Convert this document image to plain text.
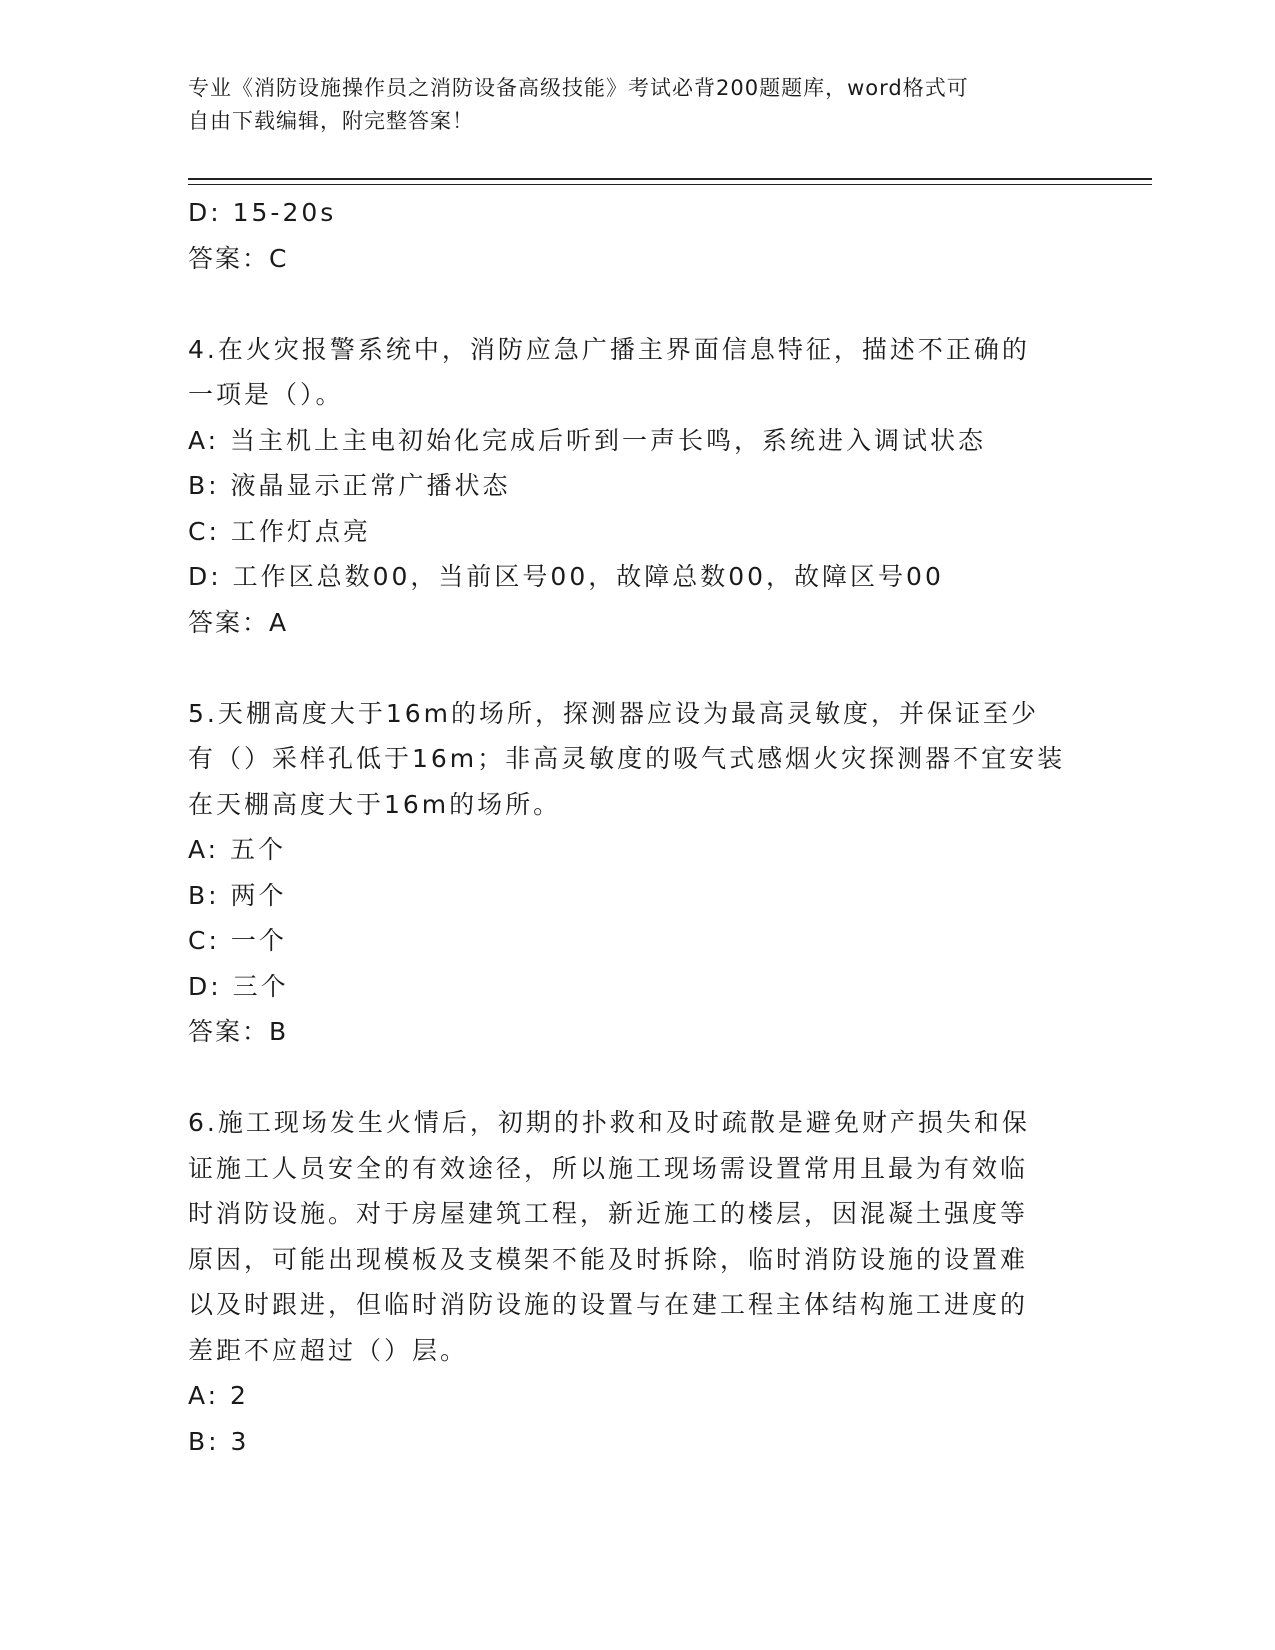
专业《消防设施操作员之消防设备高级技能》考试必背200题题库，word格式可
自由下载编辑，附完整答案！
D: 15-20s
答案：C
4.在火灾报警系统中，消防应急广播主界面信息特征，描述不正确的
一项是（）。
A: 当主机上主电初始化完成后听到一声长鸣，系统进入调试状态
B: 液晶显示正常广播状态
C: 工作灯点亮
D: 工作区总数00，当前区号00，故障总数00，故障区号00
答案：A
5.天棚高度大于16m的场所，探测器应设为最高灵敏度，并保证至少
有（）采样孔低于16m；非高灵敏度的吸气式感烟火灾探测器不宜安装
在天棚高度大于16m的场所。
A: 五个
B: 两个
C: 一个
D: 三个
答案：B
6.施工现场发生火情后，初期的扑救和及时疏散是避免财产损失和保
证施工人员安全的有效途径，所以施工现场需设置常用且最为有效临
时消防设施。对于房屋建筑工程，新近施工的楼层，因混凝土强度等
原因，可能出现模板及支模架不能及时拆除，临时消防设施的设置难
以及时跟进，但临时消防设施的设置与在建工程主体结构施工进度的
差距不应超过（）层。
A: 2
B: 3
